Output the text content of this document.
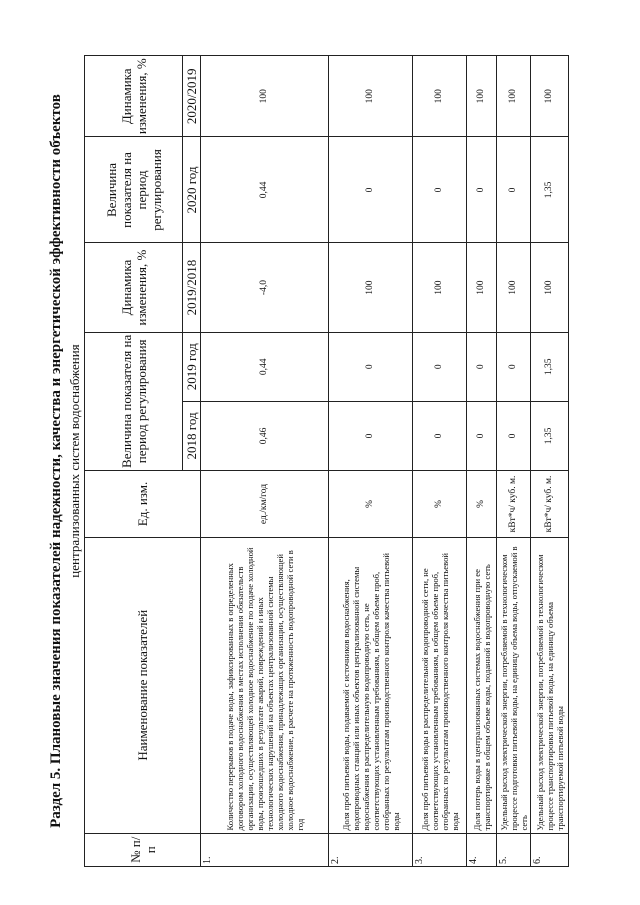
Раздел 5. Плановые значения показателей надежности, качества и энергетической эффективности объектов централизованных систем водоснабжения
№ п/п	Наименование показателей	Ед. изм.	Величина показателя на период регулирования		Динамика изменения, %	Величина показателя на период регулирования	Динамика изменения, %
			2018 год	2019 год	2019/2018	2020 год	2020/2019
1.	Количество перерывов в подаче воды, зафиксированных в определенных договором холодного водоснабжения в местах исполнения обязательств организации, осуществляющей холодное водоснабжение по подаче холодной воды, произошедших в результате аварий, повреждений и иных технологических нарушений на объектах централизованной системы холодного водоснабжения, принадлежащих организации, осуществляющей холодное водоснабжение, в расчете на протяженность водопроводной сети в год	ед./км/год	0,46	0,44	-4,0	0,44	100
2.	Доля проб питьевой воды, подаваемой с источников водоснабжения, водопроводных станций или иных объектов централизованной системы водоснабжения в распределительную водопроводную сеть, не соответствующих установленным требованиям, в общем объеме проб, отобранных по результатам производственного контроля качества питьевой воды	%	0	0	100	0	100
3.	Доля проб питьевой воды в распределительной водопроводной сети, не соответствующих установленным требованиям, в общем объеме проб, отобранных по результатам производственного контроля качества питьевой воды	%	0	0	100	0	100
4.	Доля потерь воды в централизованных системах водоснабжения при ее транспортировке в общем объеме воды, поданной в водопроводную сеть	%	0	0	100	0	100
5.	Удельный расход электрической энергии, потребляемой в технологическом процессе подготовки питьевой воды, на единицу объема воды, отпускаемой в сеть	кВт*ч/ куб. м.	0	0	100	0	100
6.	Удельный расход электрической энергии, потребляемой в технологическом процессе транспортировки питьевой воды, на единицу объема транспортируемой питьевой воды	кВт*ч/ куб. м.	1,35	1,35	100	1,35	100
